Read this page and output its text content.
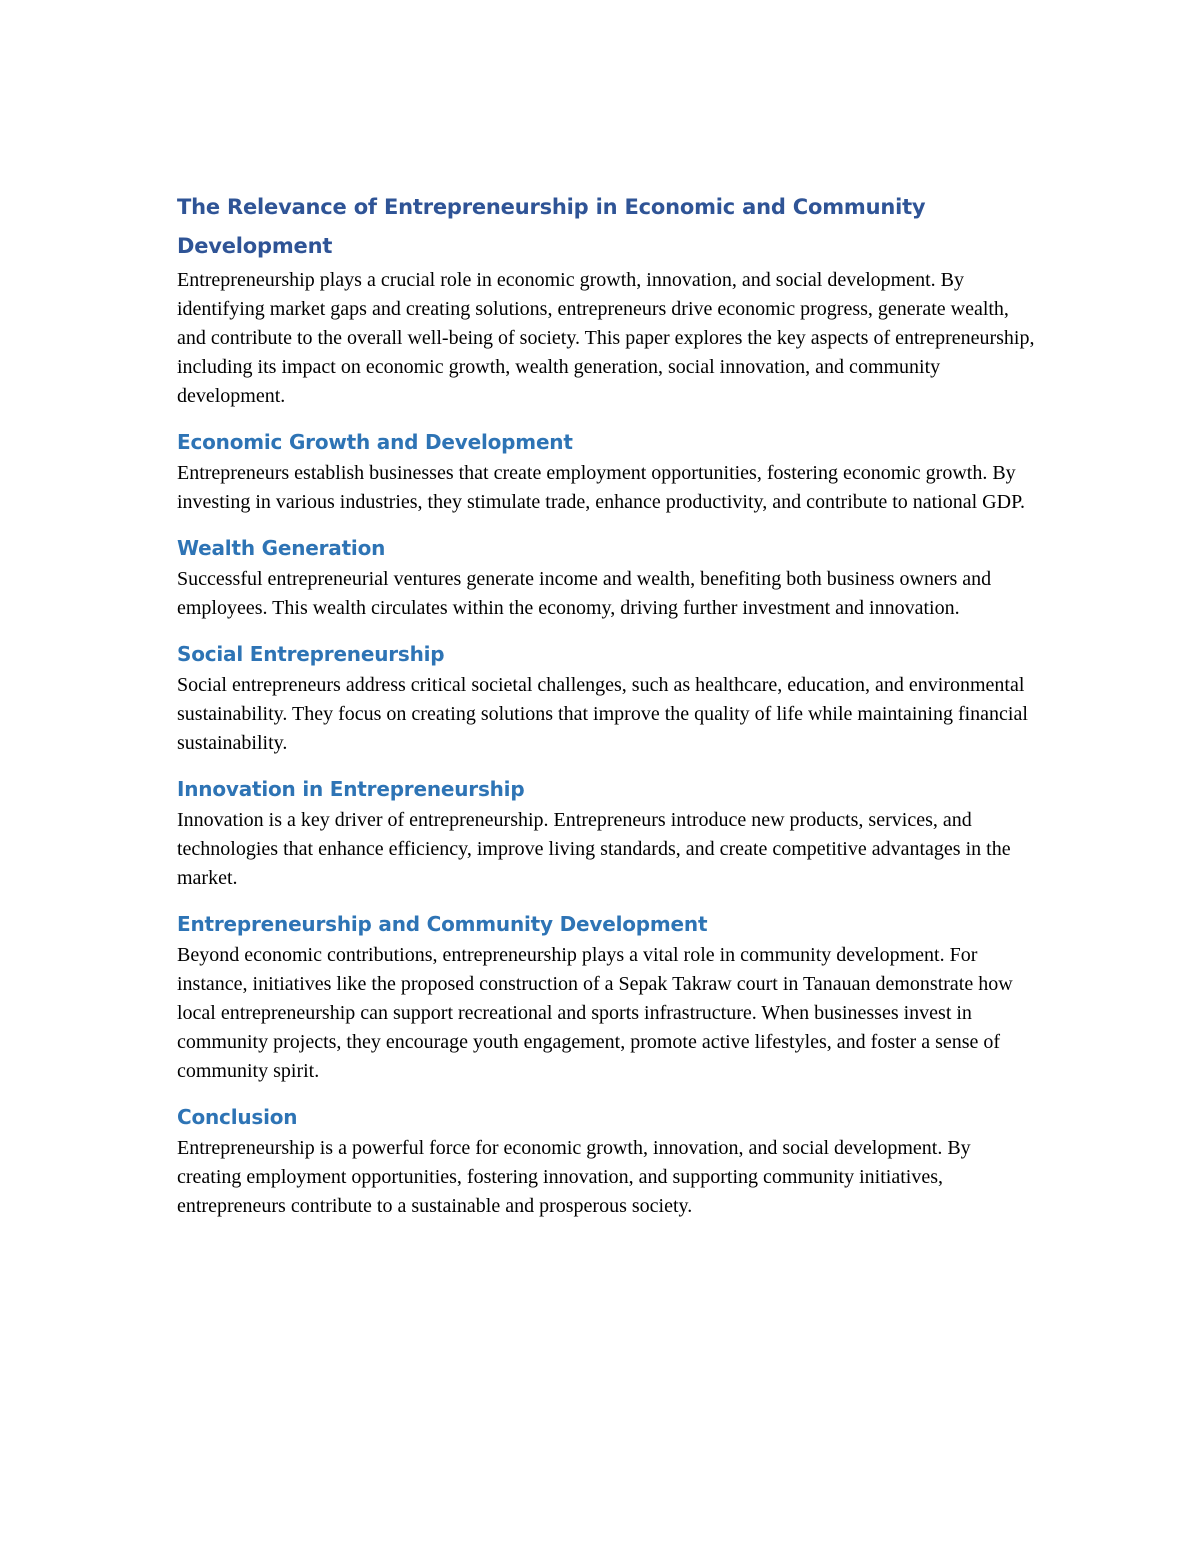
The Relevance of Entrepreneurship in Economic and Community Development

Entrepreneurship plays a crucial role in economic growth, innovation, and social development. By identifying market gaps and creating solutions, entrepreneurs drive economic progress, generate wealth, and contribute to the overall well-being of society. This paper explores the key aspects of entrepreneurship, including its impact on economic growth, wealth generation, social innovation, and community development.

Economic Growth and Development

Entrepreneurs establish businesses that create employment opportunities, fostering economic growth. By investing in various industries, they stimulate trade, enhance productivity, and contribute to national GDP.

Wealth Generation

Successful entrepreneurial ventures generate income and wealth, benefiting both business owners and employees. This wealth circulates within the economy, driving further investment and innovation.

Social Entrepreneurship

Social entrepreneurs address critical societal challenges, such as healthcare, education, and environmental sustainability. They focus on creating solutions that improve the quality of life while maintaining financial sustainability.

Innovation in Entrepreneurship

Innovation is a key driver of entrepreneurship. Entrepreneurs introduce new products, services, and technologies that enhance efficiency, improve living standards, and create competitive advantages in the market.

Entrepreneurship and Community Development

Beyond economic contributions, entrepreneurship plays a vital role in community development. For instance, initiatives like the proposed construction of a Sepak Takraw court in Tanauan demonstrate how local entrepreneurship can support recreational and sports infrastructure. When businesses invest in community projects, they encourage youth engagement, promote active lifestyles, and foster a sense of community spirit.

Conclusion

Entrepreneurship is a powerful force for economic growth, innovation, and social development. By creating employment opportunities, fostering innovation, and supporting community initiatives, entrepreneurs contribute to a sustainable and prosperous society.
